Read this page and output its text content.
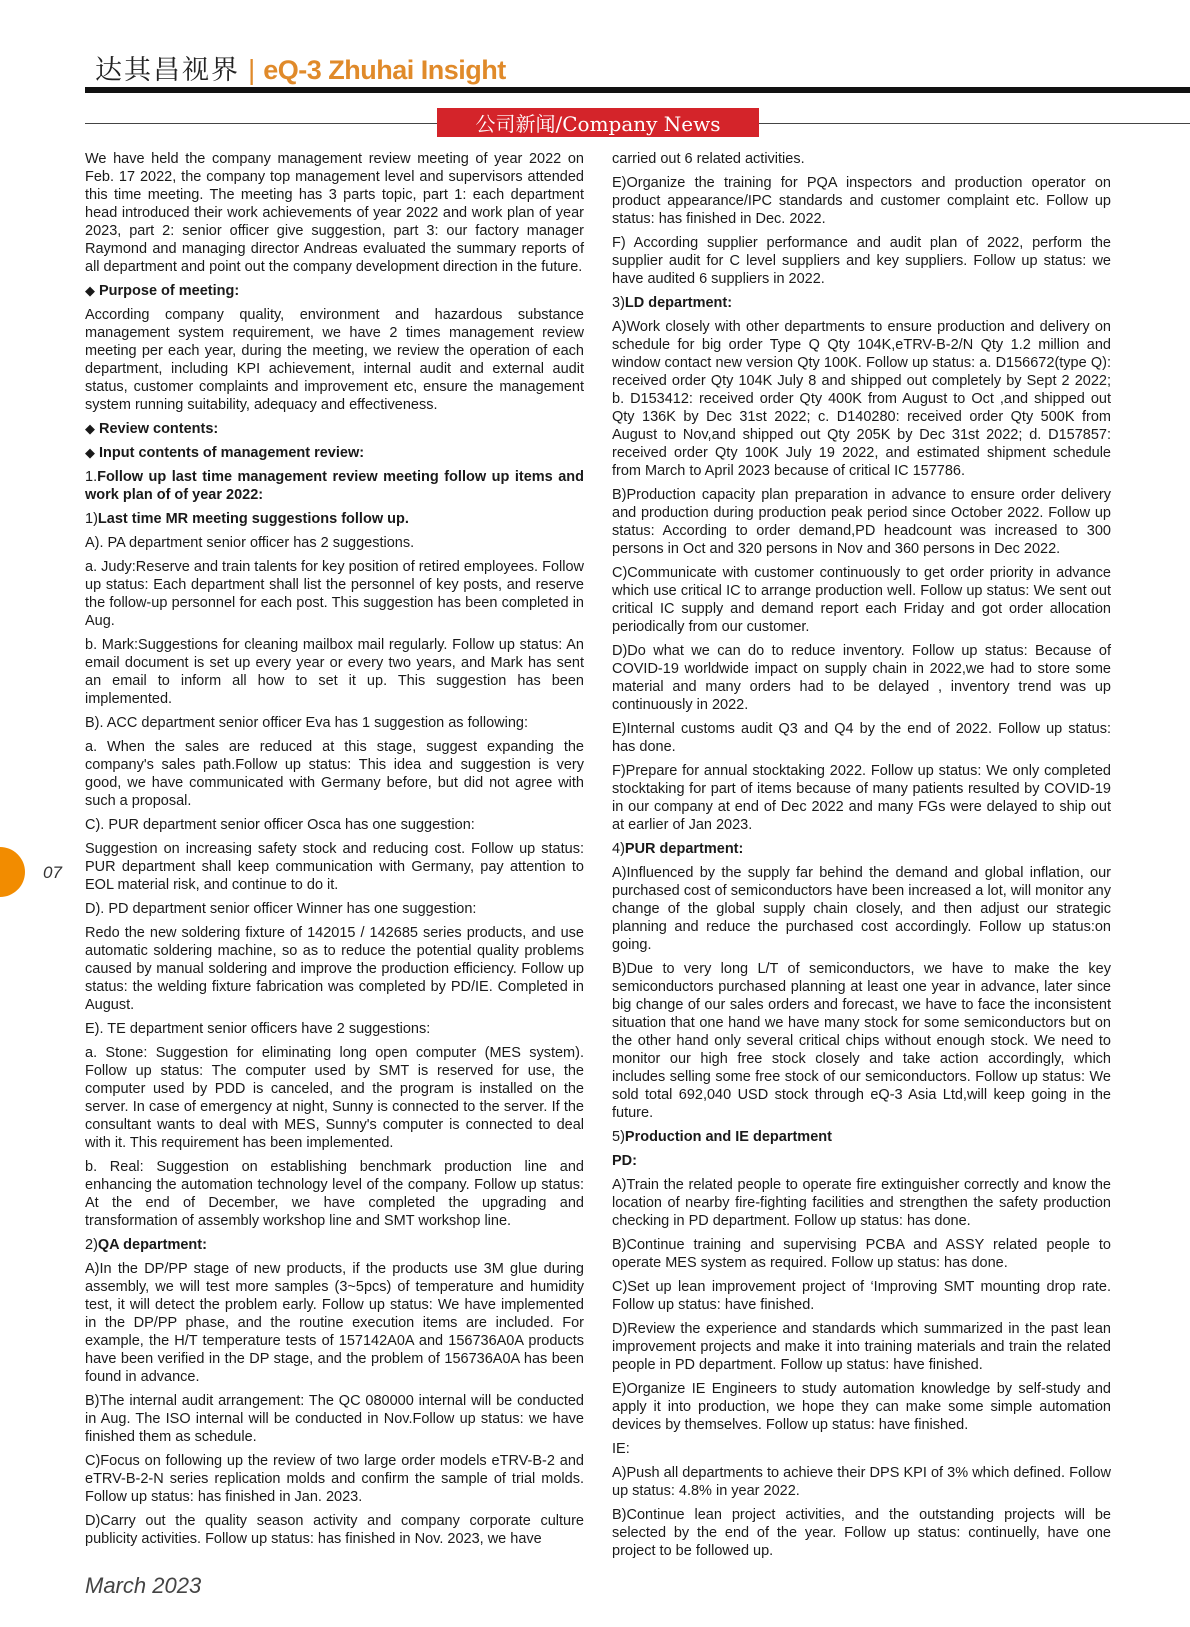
达其昌视界 | eQ-3 Zhuhai Insight
公司新闻/Company News

We have held the company management review meeting of year 2022 on Feb. 17 2022, the company top management level and supervisors attended this time meeting. The meeting has 3 parts topic, part 1: each department head introduced their work achievements of year 2022 and work plan of year 2023, part 2: senior officer give suggestion, part 3: our factory manager Raymond and managing director Andreas evaluated the summary reports of all department and point out the company development direction in the future.

◆ Purpose of meeting:

According company quality, environment and hazardous substance management system requirement, we have 2 times management review meeting per each year, during the meeting, we review the operation of each department, including KPI achievement, internal audit and external audit status, customer complaints and improvement etc, ensure the management system running suitability, adequacy and effectiveness.

◆ Review contents:

◆ Input contents of management review:

1.Follow up last time management review meeting follow up items and work plan of of year 2022:

1)Last time MR meeting suggestions follow up.

A). PA department senior officer has 2 suggestions.

a. Judy:Reserve and train talents for key position of retired employees. Follow up status: Each department shall list the personnel of key posts, and reserve the follow-up personnel for each post. This suggestion has been completed in Aug.

b. Mark:Suggestions for cleaning mailbox mail regularly. Follow up status: An email document is set up every year or every two years, and Mark has sent an email to inform all how to set it up. This suggestion has been implemented.

B). ACC department senior officer Eva has 1 suggestion as following:

a. When the sales are reduced at this stage, suggest expanding the company's sales path.Follow up status: This idea and suggestion is very good, we have communicated with Germany before, but did not agree with such a proposal.

C). PUR department senior officer Osca has one suggestion:

Suggestion on increasing safety stock and reducing cost. Follow up status: PUR department shall keep communication with Germany, pay attention to EOL material risk, and continue to do it.

D). PD department senior officer Winner has one suggestion:

Redo the new soldering fixture of 142015 / 142685 series products, and use automatic soldering machine, so as to reduce the potential quality problems caused by manual soldering and improve the production efficiency. Follow up status: the welding fixture fabrication was completed by PD/IE. Completed in August.

E). TE department senior officers have 2 suggestions:

a. Stone: Suggestion for eliminating long open computer (MES system). Follow up status: The computer used by SMT is reserved for use, the computer used by PDD is canceled, and the program is installed on the server. In case of emergency at night, Sunny is connected to the server. If the consultant wants to deal with MES, Sunny's computer is connected to deal with it. This requirement has been implemented.

b. Real: Suggestion on establishing benchmark production line and enhancing the automation technology level of the company. Follow up status: At the end of December, we have completed the upgrading and transformation of assembly workshop line and SMT workshop line.

2)QA department:

A)In the DP/PP stage of new products, if the products use 3M glue during assembly, we will test more samples (3~5pcs) of temperature and humidity test, it will detect the problem early. Follow up status: We have implemented in the DP/PP phase, and the routine execution items are included. For example, the H/T temperature tests of 157142A0A and 156736A0A products have been verified in the DP stage, and the problem of 156736A0A has been found in advance.

B)The internal audit arrangement: The QC 080000 internal will be conducted in Aug. The ISO internal will be conducted in Nov.Follow up status: we have finished them as schedule.

C)Focus on following up the review of two large order models eTRV-B-2 and eTRV-B-2-N series replication molds and confirm the sample of trial molds. Follow up status: has finished in Jan. 2023.

D)Carry out the quality season activity and company corporate culture publicity activities. Follow up status: has finished in Nov. 2023, we have

carried out 6 related activities.

E)Organize the training for PQA inspectors and production operator on product appearance/IPC standards and customer complaint etc. Follow up status: has finished in Dec. 2022.

F) According supplier performance and audit plan of 2022, perform the supplier audit for C level suppliers and key suppliers. Follow up status: we have audited 6 suppliers in 2022.

3)LD department:

A)Work closely with other departments to ensure production and delivery on schedule for big order Type Q Qty 104K,eTRV-B-2/N Qty 1.2 million and window contact new version Qty 100K. Follow up status: a. D156672(type Q): received order Qty 104K July 8 and shipped out completely by Sept 2 2022; b. D153412: received order Qty 400K from August to Oct ,and shipped out Qty 136K by Dec 31st 2022; c. D140280: received order Qty 500K from August to Nov,and shipped out Qty 205K by Dec 31st 2022; d. D157857: received order Qty 100K July 19 2022, and estimated shipment schedule from March to April 2023 because of critical IC 157786.

B)Production capacity plan preparation in advance to ensure order delivery and production during production peak period since October 2022. Follow up status: According to order demand,PD headcount was increased to 300 persons in Oct and 320 persons in Nov and 360 persons in Dec 2022.

C)Communicate with customer continuously to get order priority in advance which use critical IC to arrange production well. Follow up status: We sent out critical IC supply and demand report each Friday and got order allocation periodically from our customer.

D)Do what we can do to reduce inventory. Follow up status: Because of COVID-19 worldwide impact on supply chain in 2022,we had to store some material and many orders had to be delayed , inventory trend was up continuously in 2022.

E)Internal customs audit Q3 and Q4 by the end of 2022. Follow up status: has done.

F)Prepare for annual stocktaking 2022. Follow up status: We only completed stocktaking for part of items because of many patients resulted by COVID-19 in our company at end of Dec 2022 and many FGs were delayed to ship out at earlier of Jan 2023.

4)PUR department:

A)Influenced by the supply far behind the demand and global inflation, our purchased cost of semiconductors have been increased a lot, will monitor any change of the global supply chain closely, and then adjust our strategic planning and reduce the purchased cost accordingly. Follow up status:on going.

B)Due to very long L/T of semiconductors, we have to make the key semiconductors purchased planning at least one year in advance, later since big change of our sales orders and forecast, we have to face the inconsistent situation that one hand we have many stock for some semiconductors but on the other hand only several critical chips without enough stock. We need to monitor our high free stock closely and take action accordingly, which includes selling some free stock of our semiconductors. Follow up status: We sold total 692,040 USD stock through eQ-3 Asia Ltd,will keep going in the future.

5)Production and IE department

PD:

A)Train the related people to operate fire extinguisher correctly and know the location of nearby fire-fighting facilities and strengthen the safety production checking in PD department. Follow up status: has done.

B)Continue training and supervising PCBA and ASSY related people to operate MES system as required. Follow up status: has done.

C)Set up lean improvement project of ‘Improving SMT mounting drop rate. Follow up status: have finished.

D)Review the experience and standards which summarized in the past lean improvement projects and make it into training materials and train the related people in PD department. Follow up status: have finished.

E)Organize IE Engineers to study automation knowledge by self-study and apply it into production, we hope they can make some simple automation devices by themselves. Follow up status: have finished.

IE:

A)Push all departments to achieve their DPS KPI of 3% which defined. Follow up status: 4.8% in year 2022.

B)Continue lean project activities, and the outstanding projects will be selected by the end of the year. Follow up status: continuelly, have one project to be followed up.

07
March 2023
